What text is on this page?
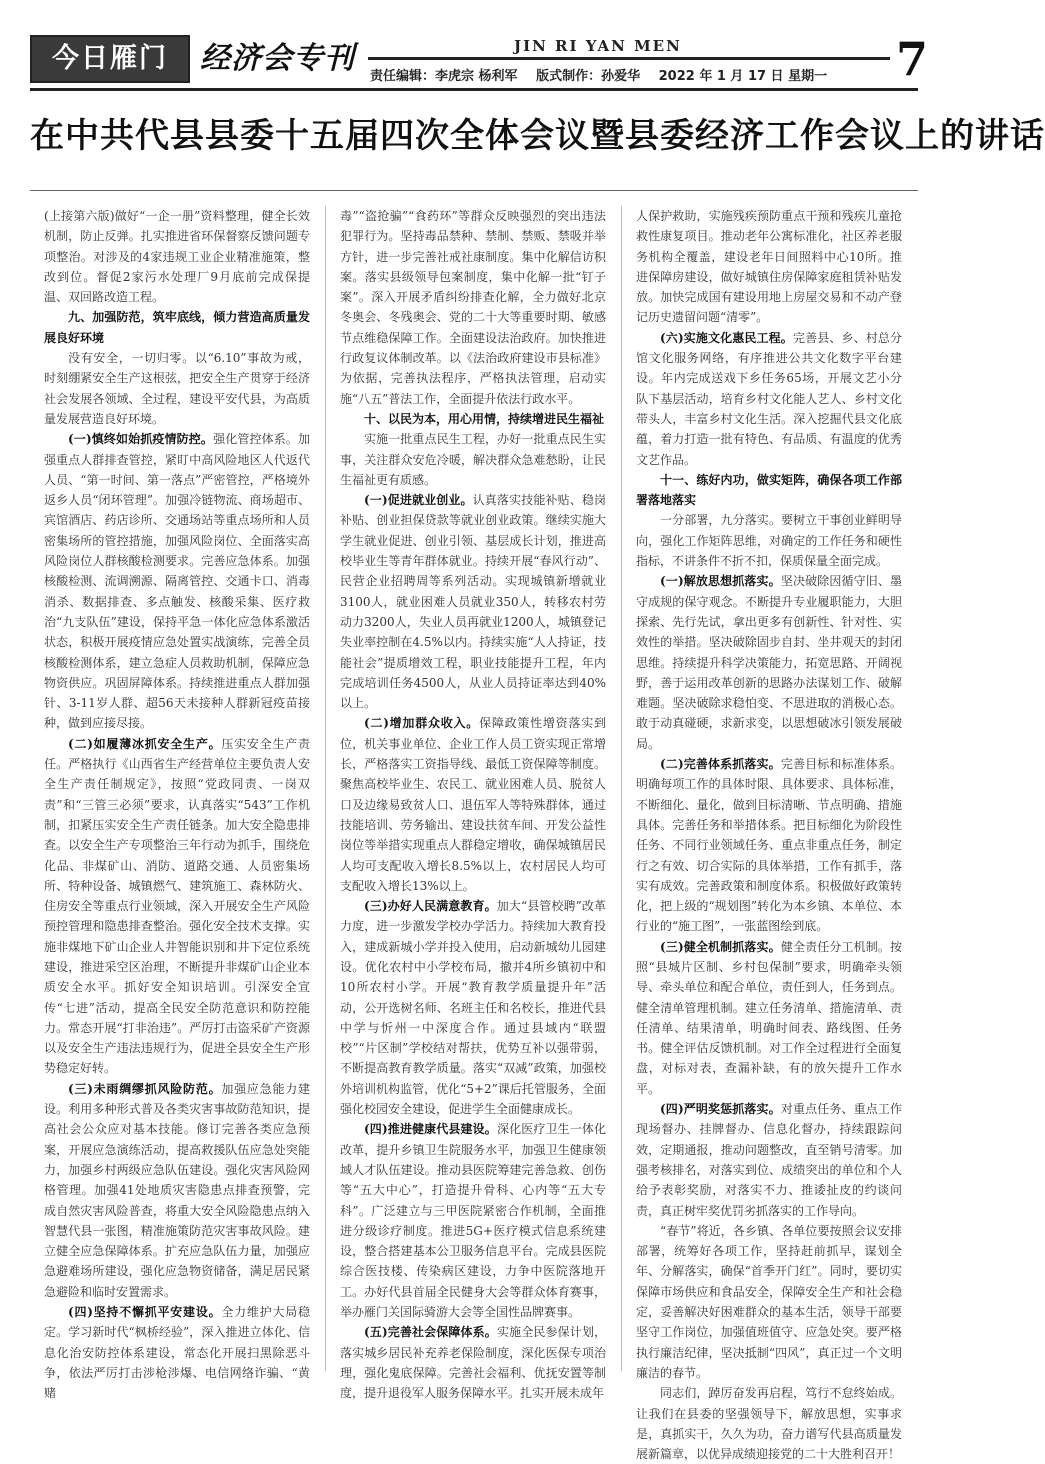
今日雁门	经济会专刊	JIN RI YAN MEN
责任编辑：李虎宗 杨利军 版式制作：孙爱华 2022 年 1 月 17 日 星期一	7
在中共代县县委十五届四次全体会议暨县委经济工作会议上的讲话

(上接第六版)做好“一企一册”资料整理，健全长效机制，防止反弹。扎实推进省环保督察反馈问题专项整治。对涉及的4家违规工业企业精准施策，整改到位。督促2家污水处理厂9月底前完成保提温、双回路改造工程。

九、加强防范，筑牢底线，倾力营造高质量发展良好环境

没有安全，一切归零。以“6.10”事故为戒，时刻绷紧安全生产这根弦，把安全生产贯穿于经济社会发展各领域、全过程，建设平安代县，为高质量发展营造良好环境。

(一)慎终如始抓疫情防控。强化管控体系。加强重点人群排查管控，紧盯中高风险地区人代返代人员、“第一时间、第一落点”严密管控，严格境外返乡人员“闭环管理”。加强冷链物流、商场超市、宾馆酒店、药店诊所、交通场站等重点场所和人员密集场所的管控措施，加强风险岗位、全面落实高风险岗位人群核酸检测要求。完善应急体系。加强核酸检测、流调溯源、隔离管控、交通卡口、消毒消杀、数据排查、多点触发、核酸采集、医疗救治“九支队伍”建设，保持平急一体化应急体系激活状态，积极开展疫情应急处置实战演练，完善全员核酸检测体系，建立急症人员救助机制，保障应急物资供应。巩固屏障体系。持续推进重点人群加强针、3-11岁人群、超56天未接种人群新冠疫苗接种，做到应接尽接。

(二)如履薄冰抓安全生产。压实安全生产责任。严格执行《山西省生产经营单位主要负责人安全生产责任制规定》，按照“党政同责、一岗双责”和“三管三必须”要求，认真落实“543”工作机制，扣紧压实安全生产责任链条。加大安全隐患排查。以安全生产专项整治三年行动为抓手，围绕危化品、非煤矿山、消防、道路交通、人员密集场所、特种设备、城镇燃气、建筑施工、森林防火、住房安全等重点行业领域，深入开展安全生产风险预控管理和隐患排查整治。强化安全技术支撑。实施非煤地下矿山企业人井智能识别和井下定位系统建设，推进采空区治理，不断提升非煤矿山企业本质安全水平。抓好安全知识培训。引深安全宣传“七进”活动，提高全民安全防范意识和防控能力。常态开展“打非治违”。严厉打击盗采矿产资源以及安全生产违法违规行为，促进全县安全生产形势稳定好转。

(三)未雨绸缪抓风险防范。加强应急能力建设。利用多种形式普及各类灾害事故防范知识，提高社会公众应对基本技能。修订完善各类应急预案，开展应急演练活动，提高救援队伍应急处突能力，加强乡村两级应急队伍建设。强化灾害风险网格管理。加强41处地质灾害隐患点排查预警，完成自然灾害风险普查，将重大安全风险隐患点纳入智慧代县一张图，精准施策防范灾害事故风险。建立健全应急保障体系。扩充应急队伍力量，加强应急避难场所建设，强化应急物资储备，满足居民紧急避险和临时安置需求。

(四)坚持不懈抓平安建设。全力维护大局稳定。学习新时代“枫桥经验”，深入推进立体化、信息化治安防控体系建设，常态化开展扫黑除恶斗争，依法严厉打击涉枪涉爆、电信网络诈骗、“黄赌

毒”“盗抢骗”“食药环”等群众反映强烈的突出违法犯罪行为。坚持毒品禁种、禁制、禁贩、禁吸并举方针，进一步完善社戒社康制度。集中化解信访积案。落实县级领导包案制度，集中化解一批“钉子案”。深入开展矛盾纠纷排查化解，全力做好北京冬奥会、冬残奥会、党的二十大等重要时期、敏感节点维稳保障工作。全面建设法治政府。加快推进行政复议体制改革。以《法治政府建设市县标准》为依据，完善执法程序，严格执法管理，启动实施“八五”普法工作，全面提升依法行政水平。

十、以民为本，用心用情，持续增进民生福祉

实施一批重点民生工程，办好一批重点民生实事，关注群众安危冷暖，解决群众急难愁盼，让民生福祉更有质感。

(一)促进就业创业。认真落实技能补贴、稳岗补贴、创业担保贷款等就业创业政策。继续实施大学生就业促进、创业引领、基层成长计划，推进高校毕业生等青年群体就业。持续开展“春风行动”、民营企业招聘周等系列活动。实现城镇新增就业3100人，就业困难人员就业350人，转移农村劳动力3200人，失业人员再就业1200人，城镇登记失业率控制在4.5%以内。持续实施“人人持证，技能社会”提质增效工程，职业技能提升工程，年内完成培训任务4500人，从业人员持证率达到40%以上。

(二)增加群众收入。保障政策性增资落实到位，机关事业单位、企业工作人员工资实现正常增长，严格落实工资指导线、最低工资保障等制度。聚焦高校毕业生、农民工、就业困难人员、脱贫人口及边缘易致贫人口、退伍军人等特殊群体，通过技能培训、劳务输出、建设扶贫车间、开发公益性岗位等举措实现重点人群稳定增收，确保城镇居民人均可支配收入增长8.5%以上，农村居民人均可支配收入增长13%以上。

(三)办好人民满意教育。加大“县管校聘”改革力度，进一步激发学校办学活力。持续加大教育投入，建成新城小学并投入使用，启动新城幼儿园建设。优化农村中小学校布局，撤并4所乡镇初中和10所农村小学。开展“教育教学质量提升年”活动，公开选树名师、名班主任和名校长，推进代县中学与忻州一中深度合作。通过县域内“联盟校”“片区制”学校结对帮扶，优势互补以强带弱，不断提高教育教学质量。落实“双减”政策，加强校外培训机构监管，优化“5+2”课后托管服务，全面强化校园安全建设，促进学生全面健康成长。

(四)推进健康代县建设。深化医疗卫生一体化改革，提升乡镇卫生院服务水平，加强卫生健康领域人才队伍建设。推动县医院筹建完善急救、创伤等“五大中心”，打造提升骨科、心内等“五大专科”。广泛建立与三甲医院紧密合作机制，全面推进分级诊疗制度。推进5G+医疗模式信息系统建设，整合搭建基本公卫服务信息平台。完成县医院综合医技楼、传染病区建设，力争中医院落地开工。办好代县首届全民健身大会等群众体育赛事，举办雁门关国际骑游大会等全国性品牌赛事。

(五)完善社会保障体系。实施全民参保计划，落实城乡居民补充养老保险制度，深化医保专项治理，强化鬼底保障。完善社会福利、优抚安置等制度，提升退役军人服务保障水平。扎实开展未成年

人保护救助，实施残疾预防重点干预和残疾儿童抢救性康复项目。推动老年公寓标准化，社区养老服务机构全覆盖，建设老年日间照料中心10所。推进保障房建设，做好城镇住房保障家庭租赁补贴发放。加快完成国有建设用地上房屋交易和不动产登记历史遗留问题“清零”。

(六)实施文化惠民工程。完善县、乡、村总分馆文化服务网络，有序推进公共文化数字平台建设。年内完成送戏下乡任务65场，开展文艺小分队下基层活动，培育乡村文化能人艺人、乡村文化带头人，丰富乡村文化生活。深入挖掘代县文化底蕴，着力打造一批有特色、有品质、有温度的优秀文艺作品。

十一、练好内功，做实矩阵，确保各项工作部署落地落实

一分部署，九分落实。要树立干事创业鲜明导向，强化工作矩阵思维，对确定的工作任务和硬性指标，不讲条件不折不扣，保质保量全面完成。

(一)解放思想抓落实。坚决破除因循守旧、墨守成规的保守观念。不断提升专业履职能力，大胆探索、先行先试，拿出更多有创新性、针对性、实效性的举措。坚决破除固步自封、坐井观天的封闭思维。持续提升科学决策能力，拓宽思路、开阔视野，善于运用改革创新的思路办法谋划工作、破解难题。坚决破除求稳怕变、不思进取的消极心态。敢于动真碰硬，求新求变，以思想破冰引领发展破局。

(二)完善体系抓落实。完善目标和标准体系。明确每项工作的具体时限、具体要求、具体标准，不断细化、量化，做到目标清晰、节点明确、措施具体。完善任务和举措体系。把目标细化为阶段性任务、不同行业领域任务、重点非重点任务，制定行之有效、切合实际的具体举措，工作有抓手，落实有成效。完善政策和制度体系。积极做好政策转化，把上级的“规划图”转化为本乡镇、本单位、本行业的“施工图”，一张蓝图绘到底。

(三)健全机制抓落实。健全责任分工机制。按照“县城片区制、乡村包保制”要求，明确牵头领导、牵头单位和配合单位，责任到人，任务到点。健全清单管理机制。建立任务清单、措施清单、责任清单、结果清单，明确时间表、路线图、任务书。健全评估反馈机制。对工作全过程进行全面复盘，对标对表，查漏补缺，有的放矢提升工作水平。

(四)严明奖惩抓落实。对重点任务、重点工作现场督办、挂牌督办、信息化督办，持续跟踪问效，定期通报，推动问题整改，直至销号清零。加强考核排名，对落实到位、成绩突出的单位和个人给予表彰奖励，对落实不力、推诿扯皮的约谈问责，真正树牢奖优罚劣抓落实的工作导向。

“春节”将近，各乡镇、各单位要按照会议安排部署，统筹好各项工作，坚持赶前抓早，谋划全年、分解落实，确保“首季开门红”。同时，要切实保障市场供应和食品安全，保障安全生产和社会稳定，妥善解决好困难群众的基本生活，领导干部要坚守工作岗位，加强值班值守、应急处突。要严格执行廉洁纪律，坚决抵制“四风”，真正过一个文明廉洁的春节。

同志们，踔厉奋发再启程，笃行不怠终始成。让我们在县委的坚强领导下，解放思想，实事求是，真抓实干，久久为功，奋力谱写代县高质量发展新篇章，以优异成绩迎接党的二十大胜利召开！
